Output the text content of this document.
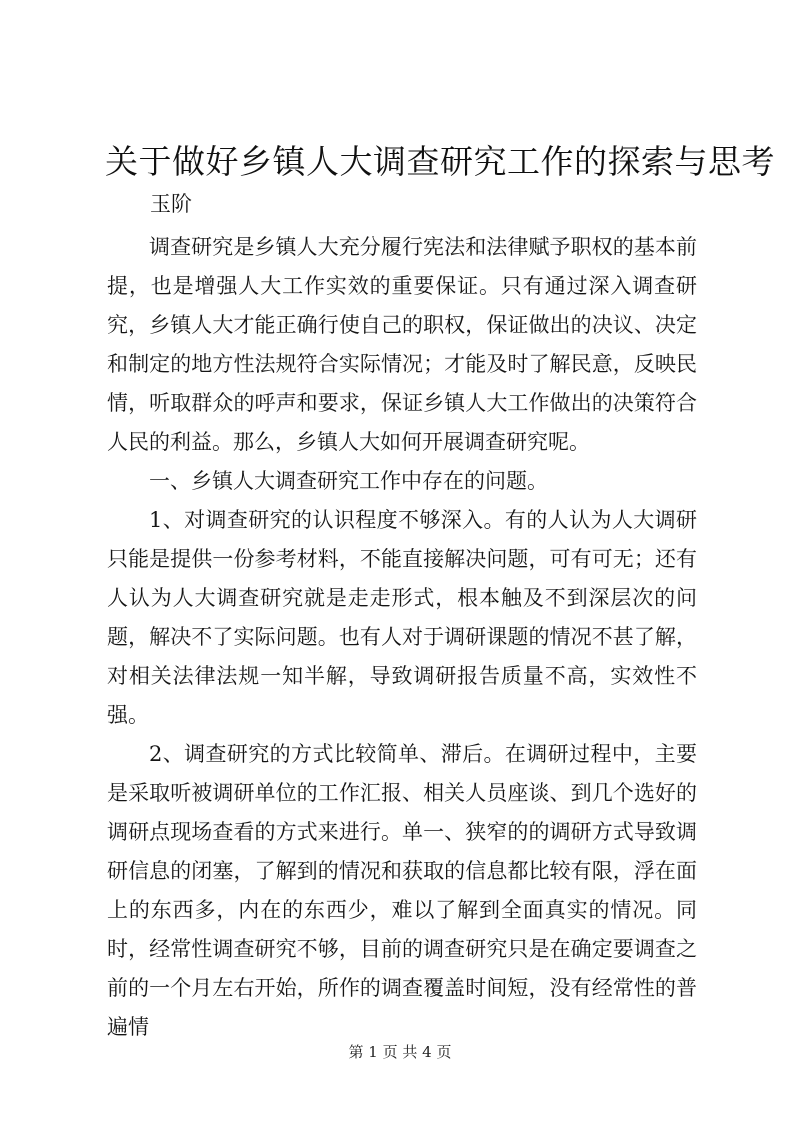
关于做好乡镇人大调查研究工作的探索与思考
玉阶

调查研究是乡镇人大充分履行宪法和法律赋予职权的基本前提，也是增强人大工作实效的重要保证。只有通过深入调查研究，乡镇人大才能正确行使自己的职权，保证做出的决议、决定和制定的地方性法规符合实际情况；才能及时了解民意，反映民情，听取群众的呼声和要求，保证乡镇人大工作做出的决策符合人民的利益。那么，乡镇人大如何开展调查研究呢。

一、乡镇人大调查研究工作中存在的问题。

1、对调查研究的认识程度不够深入。有的人认为人大调研只能是提供一份参考材料，不能直接解决问题，可有可无；还有人认为人大调查研究就是走走形式，根本触及不到深层次的问题，解决不了实际问题。也有人对于调研课题的情况不甚了解，对相关法律法规一知半解，导致调研报告质量不高，实效性不强。

2、调查研究的方式比较简单、滞后。在调研过程中，主要是采取听被调研单位的工作汇报、相关人员座谈、到几个选好的调研点现场查看的方式来进行。单一、狭窄的的调研方式导致调研信息的闭塞，了解到的情况和获取的信息都比较有限，浮在面上的东西多，内在的东西少，难以了解到全面真实的情况。同时，经常性调查研究不够，目前的调查研究只是在确定要调查之前的一个月左右开始，所作的调查覆盖时间短，没有经常性的普遍情

第 1 页 共 4 页
